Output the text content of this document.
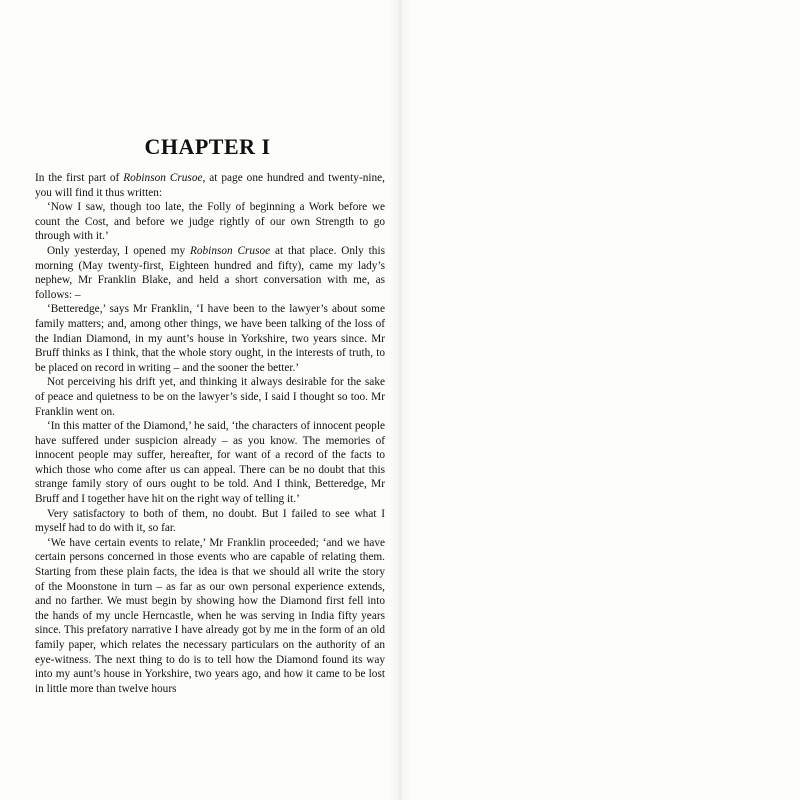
CHAPTER I

In the first part of Robinson Crusoe, at page one hundred and twenty-nine, you will find it thus written:

‘Now I saw, though too late, the Folly of beginning a Work before we count the Cost, and before we judge rightly of our own Strength to go through with it.’

Only yesterday, I opened my Robinson Crusoe at that place. Only this morning (May twenty-first, Eighteen hundred and fifty), came my lady’s nephew, Mr Franklin Blake, and held a short conversation with me, as follows: –

‘Betteredge,’ says Mr Franklin, ‘I have been to the lawyer’s about some family matters; and, among other things, we have been talking of the loss of the Indian Diamond, in my aunt’s house in Yorkshire, two years since. Mr Bruff thinks as I think, that the whole story ought, in the interests of truth, to be placed on record in writing – and the sooner the better.’

Not perceiving his drift yet, and thinking it always desirable for the sake of peace and quietness to be on the lawyer’s side, I said I thought so too. Mr Franklin went on.

‘In this matter of the Diamond,’ he said, ‘the characters of innocent people have suffered under suspicion already – as you know. The memories of innocent people may suffer, hereafter, for want of a record of the facts to which those who come after us can appeal. There can be no doubt that this strange family story of ours ought to be told. And I think, Betteredge, Mr Bruff and I together have hit on the right way of telling it.’

Very satisfactory to both of them, no doubt. But I failed to see what I myself had to do with it, so far.

‘We have certain events to relate,’ Mr Franklin proceeded; ‘and we have certain persons concerned in those events who are capable of relating them. Starting from these plain facts, the idea is that we should all write the story of the Moonstone in turn – as far as our own personal experience extends, and no farther. We must begin by showing how the Diamond first fell into the hands of my uncle Herncastle, when he was serving in India fifty years since. This prefatory narrative I have already got by me in the form of an old family paper, which relates the necessary particulars on the authority of an eye-witness. The next thing to do is to tell how the Diamond found its way into my aunt’s house in Yorkshire, two years ago, and how it came to be lost in little more than twelve hours
